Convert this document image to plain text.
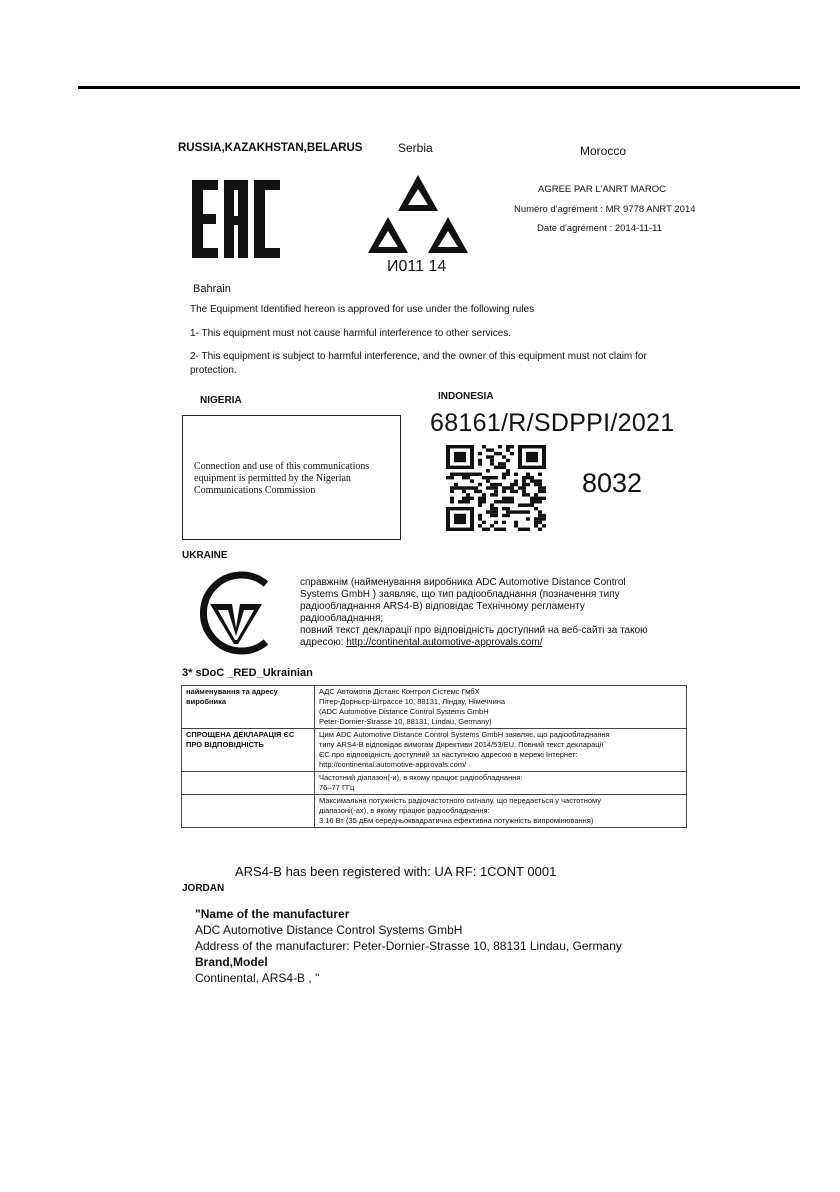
RUSSIA,KAZAKHSTAN,BELARUS	Serbia
И011 14
Morocco
AGREE PAR L'ANRT MAROC
Numéro d'agrément : MR 9778 ANRT 2014
Date d'agrément : 2014-11-11
Bahrain
The Equipment Identified hereon is approved for use under the following rules
1- This equipment must not cause harmful interference to other services.
2- This equipment is subject to harmful interference, and the owner of this equipment must not claim for
protection.
NIGERIA
Connection and use of this communications
equipment is permitted by the Nigerian
Communications Commission
INDONESIA
68161/R/SDPPI/2021
8032
UKRAINE
справжнім (найменування виробника ADC Automotive Distance Control
Systems GmbH ) заявляє, що тип радіообладнання (позначення типу
радіообладнання ARS4-B) відповідає Технічному регламенту
радіообладнання;
повний текст декларації про відповідність доступний на веб-сайті за такою
адресою: http://continental.automotive-approvals.com/
3* sDoC _RED_Ukrainian
найменування та адресу виробника	АДС Автомотів Дістанс Контрол Сістемс ГмбХ
Пітер-Дорньєр-Штрассе 10, 88131, Ліндау, Німеччина
(ADC Automotive Distance Control Systems GmbH
Peter-Dornier-Strasse 10, 88131, Lindau, Germany)

СПРОЩЕНА ДЕКЛАРАЦІЯ ЄС ПРО ВІДПОВІДНІСТЬ	Цим ADC Automotive Distance Control Systems GmbH заявляє, що радіообладнання
типу ARS4-B відповідає вимогам Директиви 2014/53/EU. Повний текст декларації
ЄС про відповідність доступний за наступною адресою в мережі Інтернет:
http://continental.automotive-approvals.com/

	Частотний діапазон(-и), в якому працює радіообладнання:
76–77 ГГц

	Максимальна потужність радіочастотного сигналу, що передається у частотному
діапазоні(-ах), в якому працює радіообладнання:
3.16 Вт (35 дБм середньоквадратична ефективна потужність випромінювання)
ARS4-B has been registered with: UA RF: 1CONT 0001
JORDAN
"Name of the manufacturer
ADC Automotive Distance Control Systems GmbH
Address of the manufacturer: Peter-Dornier-Strasse 10, 88131 Lindau, Germany
Brand,Model
Continental, ARS4-B , "
